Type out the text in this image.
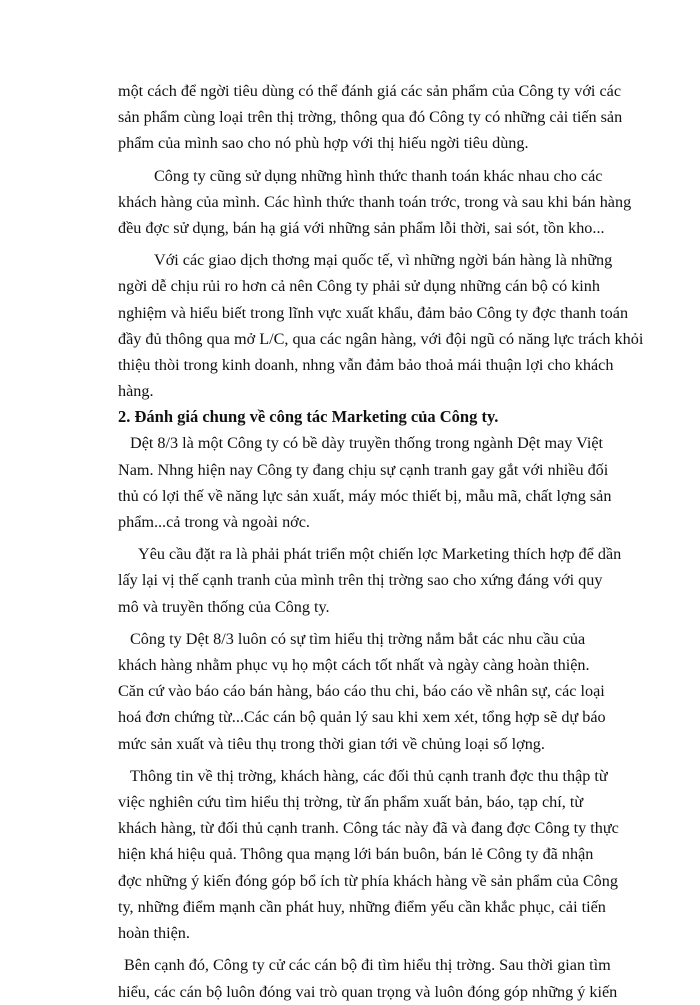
một cách để ngời tiêu dùng có thể đánh giá các sản phẩm của Công ty với các
sản phẩm cùng loại trên thị trờng, thông qua đó Công ty có những cải tiến sản
phẩm của mình sao cho nó phù hợp với thị hiếu ngời tiêu dùng.

Công ty cũng sử dụng những hình thức thanh toán khác nhau cho các
khách hàng của mình. Các hình thức thanh toán trớc, trong và sau khi bán hàng
đều đợc sử dụng, bán hạ giá với những sản phẩm lỗi thời, sai sót, tồn kho...

Với các giao dịch thơng mại quốc tế, vì những ngời bán hàng là những
ngời dễ chịu rủi ro hơn cả nên Công ty phải sử dụng những cán bộ có kinh
nghiệm và hiểu biết trong lĩnh vực xuất khẩu, đảm bảo Công ty đợc thanh toán
đầy đủ thông qua mở L/C, qua các ngân hàng, với đội ngũ có năng lực trách khỏi
thiệu thòi trong kinh doanh, nhng vẫn đảm bảo thoả mái thuận lợi cho khách
hàng.

2. Đánh giá chung về công tác Marketing của Công ty.

Dệt 8/3 là một Công ty có bề dày truyền thống trong ngành Dệt may Việt
Nam. Nhng hiện nay Công ty đang chịu sự cạnh tranh gay gắt với nhiều đối
thủ có lợi thế về năng lực sản xuất, máy móc thiết bị, mẫu mã, chất lợng sản
phẩm...cả trong và ngoài nớc.

Yêu cầu đặt ra là phải phát triển một chiến lợc Marketing thích hợp để dần
lấy lại vị thế cạnh tranh của mình trên thị trờng sao cho xứng đáng với quy
mô và truyền thống của Công ty.

Công ty Dệt 8/3 luôn có sự tìm hiểu thị trờng nắm bắt các nhu cầu của
khách hàng nhằm phục vụ họ một cách tốt nhất và ngày càng hoàn thiện.
Căn cứ vào báo cáo bán hàng, báo cáo thu chi, báo cáo về nhân sự, các loại
hoá đơn chứng từ...Các cán bộ quản lý sau khi xem xét, tổng hợp sẽ dự báo
mức sản xuất và tiêu thụ trong thời gian tới về chủng loại số lợng.

Thông tin về thị trờng, khách hàng, các đối thủ cạnh tranh đợc thu thập từ
việc nghiên cứu tìm hiểu thị trờng, từ ấn phẩm xuất bản, báo, tạp chí, từ
khách hàng, từ đối thủ cạnh tranh. Công tác này đã và đang đợc Công ty thực
hiện khá hiệu quả. Thông qua mạng lới bán buôn, bán lẻ Công ty đã nhận
đợc những ý kiến đóng góp bổ ích từ phía khách hàng về sản phẩm của Công
ty, những điểm mạnh cần phát huy, những điểm yếu cần khắc phục, cải tiến
hoàn thiện.

Bên cạnh đó, Công ty cử các cán bộ đi tìm hiểu thị trờng. Sau thời gian tìm
hiểu, các cán bộ luôn đóng vai trò quan trọng và luôn đóng góp những ý kiến
